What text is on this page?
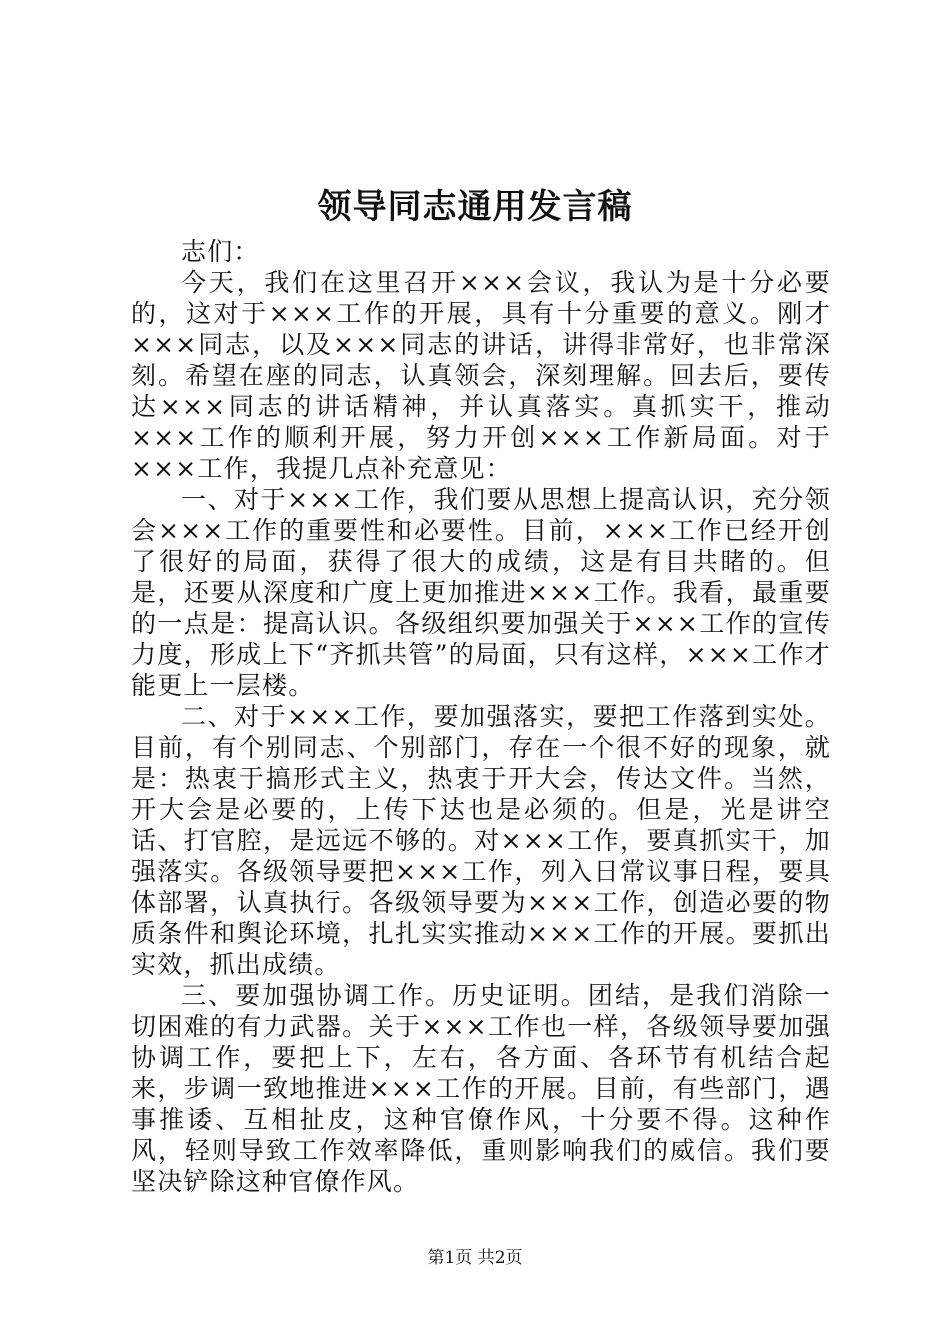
领导同志通用发言稿

志们：

今天，我们在这里召开×××会议，我认为是十分必要的，这对于×××工作的开展，具有十分重要的意义。刚才×××同志，以及×××同志的讲话，讲得非常好，也非常深刻。希望在座的同志，认真领会，深刻理解。回去后，要传达×××同志的讲话精神，并认真落实。真抓实干，推动×××工作的顺利开展，努力开创×××工作新局面。对于×××工作，我提几点补充意见：

一、对于×××工作，我们要从思想上提高认识，充分领会×××工作的重要性和必要性。目前，×××工作已经开创了很好的局面，获得了很大的成绩，这是有目共睹的。但是，还要从深度和广度上更加推进×××工作。我看，最重要的一点是：提高认识。各级组织要加强关于×××工作的宣传力度，形成上下“齐抓共管”的局面，只有这样，×××工作才能更上一层楼。

二、对于×××工作，要加强落实，要把工作落到实处。目前，有个别同志、个别部门，存在一个很不好的现象，就是：热衷于搞形式主义，热衷于开大会，传达文件。当然，开大会是必要的，上传下达也是必须的。但是，光是讲空话、打官腔，是远远不够的。对×××工作，要真抓实干，加强落实。各级领导要把×××工作，列入日常议事日程，要具体部署，认真执行。各级领导要为×××工作，创造必要的物质条件和舆论环境，扎扎实实推动×××工作的开展。要抓出实效，抓出成绩。

三、要加强协调工作。历史证明。团结，是我们消除一切困难的有力武器。关于×××工作也一样，各级领导要加强协调工作，要把上下，左右，各方面、各环节有机结合起来，步调一致地推进×××工作的开展。目前，有些部门，遇事推诿、互相扯皮，这种官僚作风，十分要不得。这种作风，轻则导致工作效率降低，重则影响我们的威信。我们要坚决铲除这种官僚作风。

第1页 共2页
